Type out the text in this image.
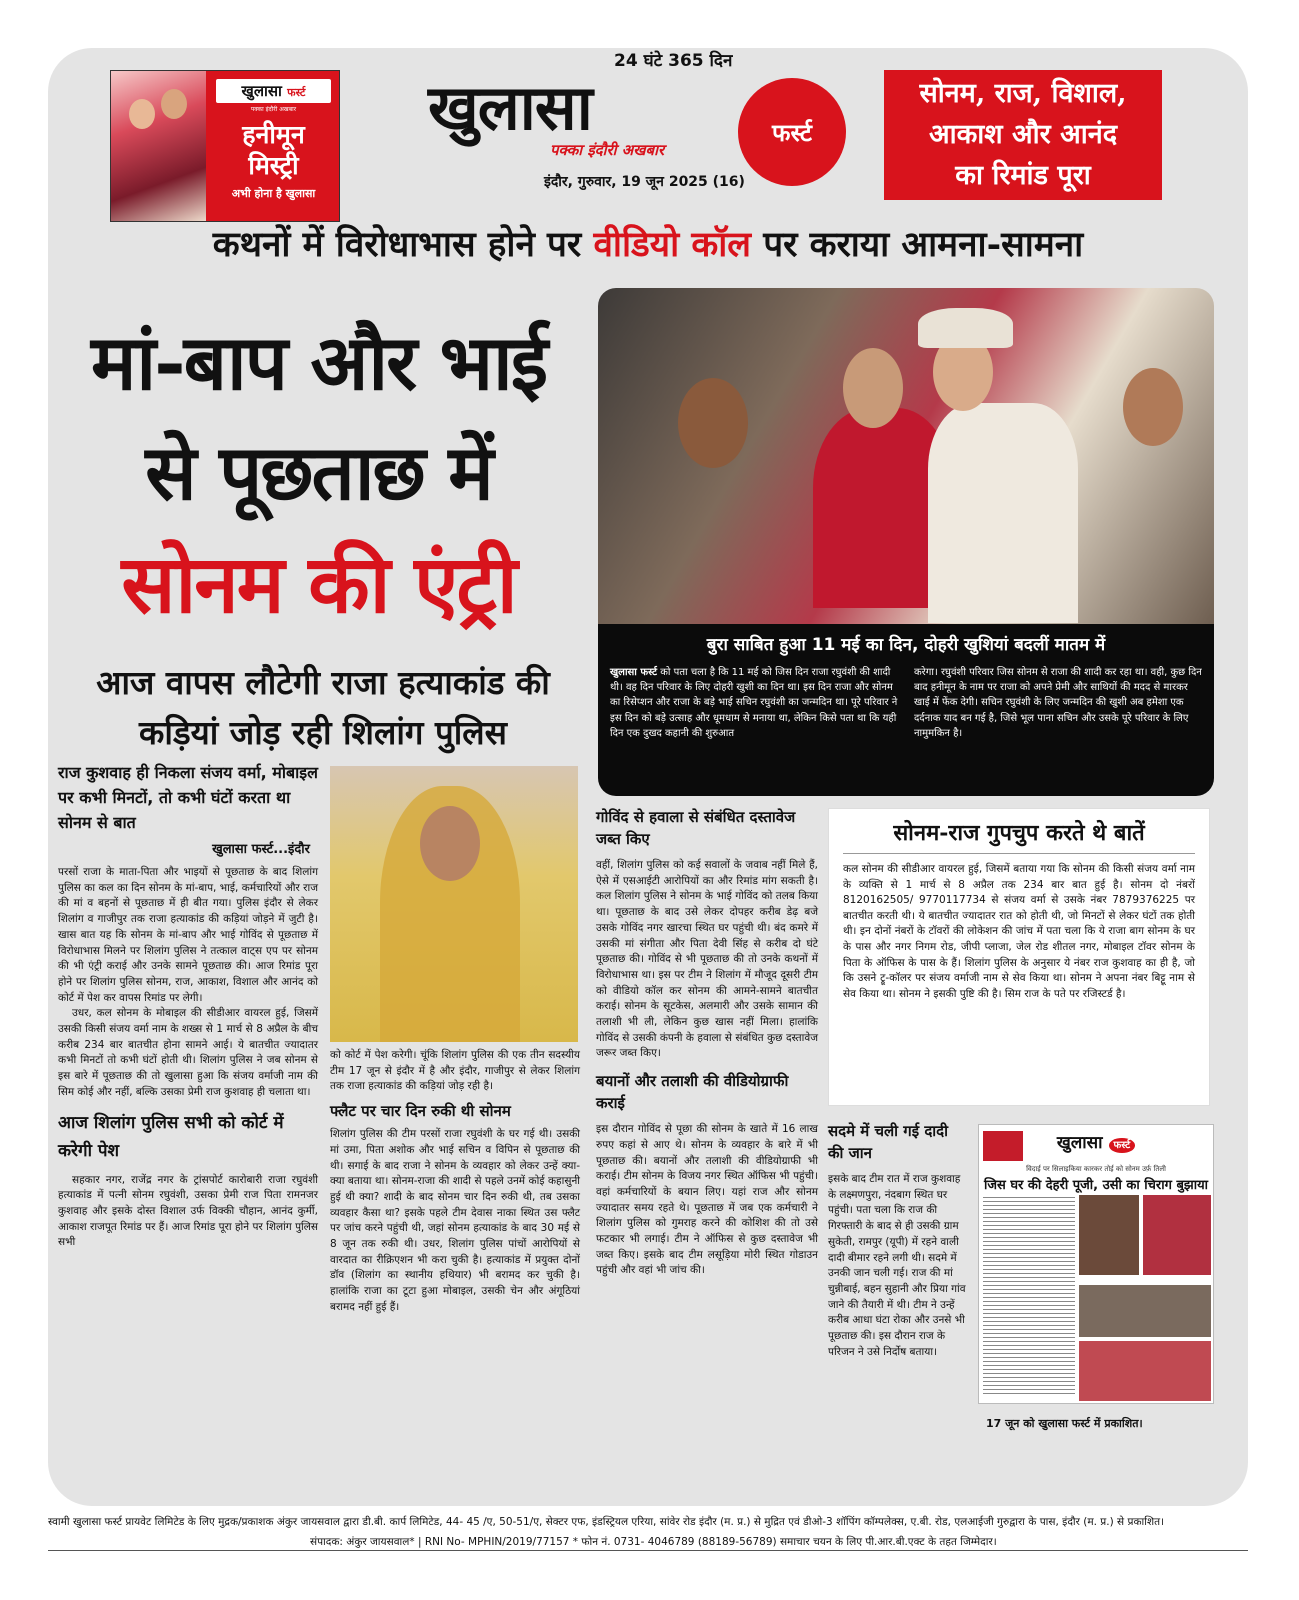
खुलासा फर्स्ट
पक्का इंदौरी अखबार
हनीमून
मिस्ट्री
अभी होना है खुलासा
24 घंटे 365 दिन
खुलासा	फर्स्ट
पक्का इंदौरी अखबार
इंदौर, गुरुवार, 19 जून 2025 (16)
सोनम, राज, विशाल,
आकाश और आनंद
का रिमांड पूरा
कथनों में विरोधाभास होने पर वीडियो कॉल पर कराया आमना-सामना
मां-बाप और भाई
से पूछताछ में
सोनम की एंट्री
आज वापस लौटेगी राजा हत्याकांड की
कड़ियां जोड़ रही शिलांग पुलिस
बुरा साबित हुआ 11 मई का दिन, दोहरी खुशियां बदलीं मातम में

खुलासा फर्स्ट को पता चला है कि 11 मई को जिस दिन राजा रघुवंशी की शादी थी। वह दिन परिवार के लिए दोहरी खुशी का दिन था। इस दिन राजा और सोनम का रिसेप्शन और राजा के बड़े भाई सचिन रघुवंशी का जन्मदिन था। पूरे परिवार ने इस दिन को बड़े उत्साह और धूमधाम से मनाया था, लेकिन किसे पता था कि यही दिन एक दुखद कहानी की शुरुआत

करेगा। रघुवंशी परिवार जिस सोनम से राजा की शादी कर रहा था। वही, कुछ दिन बाद हनीमून के नाम पर राजा को अपने प्रेमी और साथियों की मदद से मारकर खाई में फेंक देगी। सचिन रघुवंशी के लिए जन्मदिन की खुशी अब हमेशा एक दर्दनाक याद बन गई है, जिसे भूल पाना सचिन और उसके पूरे परिवार के लिए नामुमकिन है।

राज कुशवाह ही निकला संजय वर्मा, मोबाइल पर कभी मिनटों, तो कभी घंटों करता था सोनम से बात
खुलासा फर्स्ट...इंदौर

परसों राजा के माता-पिता और भाइयों से पूछताछ के बाद शिलांग पुलिस का कल का दिन सोनम के मां-बाप, भाई, कर्मचारियों और राज की मां व बहनों से पूछताछ में ही बीत गया। पुलिस इंदौर से लेकर शिलांग व गाजीपुर तक राजा हत्याकांड की कड़ियां जोड़ने में जुटी है। खास बात यह कि सोनम के मां-बाप और भाई गोविंद से पूछताछ में विरोधाभास मिलने पर शिलांग पुलिस ने तत्काल वाट्स एप पर सोनम की भी एंट्री कराई और उनके सामने पूछताछ की। आज रिमांड पूरा होने पर शिलांग पुलिस सोनम, राज, आकाश, विशाल और आनंद को कोर्ट में पेश कर वापस रिमांड पर लेगी।

उधर, कल सोनम के मोबाइल की सीडीआर वायरल हुई, जिसमें उसकी किसी संजय वर्मा नाम के शख्स से 1 मार्च से 8 अप्रैल के बीच करीब 234 बार बातचीत होना सामने आई। ये बातचीत ज्यादातर कभी मिनटों तो कभी घंटों होती थी। शिलांग पुलिस ने जब सोनम से इस बारे में पूछताछ की तो खुलासा हुआ कि संजय वर्माजी नाम की सिम कोई और नहीं, बल्कि उसका प्रेमी राज कुशवाह ही चलाता था।

आज शिलांग पुलिस सभी को कोर्ट में करेगी पेश

सहकार नगर, राजेंद्र नगर के ट्रांसपोर्ट कारोबारी राजा रघुवंशी हत्याकांड में पत्नी सोनम रघुवंशी, उसका प्रेमी राज पिता रामनजर कुशवाह और इसके दोस्त विशाल उर्फ विक्की चौहान, आनंद कुर्मी, आकाश राजपूत रिमांड पर हैं। आज रिमांड पूरा होने पर शिलांग पुलिस सभी

को कोर्ट में पेश करेगी। चूंकि शिलांग पुलिस की एक तीन सदस्यीय टीम 17 जून से इंदौर में है और इंदौर, गाजीपुर से लेकर शिलांग तक राजा हत्याकांड की कड़ियां जोड़ रही है।

फ्लैट पर चार दिन रुकी थी सोनम

शिलांग पुलिस की टीम परसों राजा रघुवंशी के घर गई थी। उसकी मां उमा, पिता अशोक और भाई सचिन व विपिन से पूछताछ की थी। सगाई के बाद राजा ने सोनम के व्यवहार को लेकर उन्हें क्या-क्या बताया था। सोनम-राजा की शादी से पहले उनमें कोई कहासुनी हुई थी क्या? शादी के बाद सोनम चार दिन रुकी थी, तब उसका व्यवहार कैसा था? इसके पहले टीम देवास नाका स्थित उस फ्लैट पर जांच करने पहुंची थी, जहां सोनम हत्याकांड के बाद 30 मई से 8 जून तक रुकी थी। उधर, शिलांग पुलिस पांचों आरोपियों से वारदात का रीक्रिएशन भी करा चुकी है। हत्याकांड में प्रयुक्त दोनों डॉव (शिलांग का स्थानीय हथियार) भी बरामद कर चुकी है। हालांकि राजा का टूटा हुआ मोबाइल, उसकी चेन और अंगूठियां बरामद नहीं हुई हैं।

गोविंद से हवाला से संबंधित दस्तावेज जब्त किए

वहीं, शिलांग पुलिस को कई सवालों के जवाब नहीं मिले हैं, ऐसे में एसआईटी आरोपियों का और रिमांड मांग सकती है। कल शिलांग पुलिस ने सोनम के भाई गोविंद को तलब किया था। पूछताछ के बाद उसे लेकर दोपहर करीब डेढ़ बजे उसके गोविंद नगर खारचा स्थित घर पहुंची थी। बंद कमरे में उसकी मां संगीता और पिता देवी सिंह से करीब दो घंटे पूछताछ की। गोविंद से भी पूछताछ की तो उनके कथनों में विरोधाभास था। इस पर टीम ने शिलांग में मौजूद दूसरी टीम को वीडियो कॉल कर सोनम की आमने-सामने बातचीत कराई। सोनम के सूटकेस, अलमारी और उसके सामान की तलाशी भी ली, लेकिन कुछ खास नहीं मिला। हालांकि गोविंद से उसकी कंपनी के हवाला से संबंधित कुछ दस्तावेज जरूर जब्त किए।

बयानों और तलाशी की वीडियोग्राफी कराई

इस दौरान गोविंद से पूछा की सोनम के खाते में 16 लाख रुपए कहां से आए थे। सोनम के व्यवहार के बारे में भी पूछताछ की। बयानों और तलाशी की वीडियोग्राफी भी कराई। टीम सोनम के विजय नगर स्थित ऑफिस भी पहुंची। वहां कर्मचारियों के बयान लिए। यहां राज और सोनम ज्यादातर समय रहते थे। पूछताछ में जब एक कर्मचारी ने शिलांग पुलिस को गुमराह करने की कोशिश की तो उसे फटकार भी लगाई। टीम ने ऑफिस से कुछ दस्तावेज भी जब्त किए। इसके बाद टीम लसूड़िया मोरी स्थित गोडाउन पहुंची और वहां भी जांच की।

सोनम-राज गुपचुप करते थे बातें

कल सोनम की सीडीआर वायरल हुई, जिसमें बताया गया कि सोनम की किसी संजय वर्मा नाम के व्यक्ति से 1 मार्च से 8 अप्रैल तक 234 बार बात हुई है। सोनम दो नंबरों 8120162505/ 9770117734 से संजय वर्मा से उसके नंबर 7879376225 पर बातचीत करती थी। ये बातचीत ज्यादातर रात को होती थी, जो मिनटों से लेकर घंटों तक होती थी। इन दोनों नंबरों के टॉवरों की लोकेशन की जांच में पता चला कि ये राजा बाग सोनम के घर के पास और नगर निगम रोड, जीपी प्लाजा, जेल रोड शीतल नगर, मोबाइल टॉवर सोनम के पिता के ऑफिस के पास के हैं। शिलांग पुलिस के अनुसार ये नंबर राज कुशवाह का ही है, जो कि उसने ट्रू-कॉलर पर संजय वर्माजी नाम से सेव किया था। सोनम ने अपना नंबर बिट्टू नाम से सेव किया था। सोनम ने इसकी पुष्टि की है। सिम राज के पते पर रजिस्टर्ड है।

सदमे में चली गई दादी की जान

इसके बाद टीम रात में राज कुशवाह के लक्ष्मणपुरा, नंदबाग स्थित घर पहुंची। पता चला कि राज की गिरफ्तारी के बाद से ही उसकी ग्राम सुकेती, रामपुर (यूपी) में रहने वाली दादी बीमार रहने लगी थी। सदमे में उनकी जान चली गई। राज की मां चुन्नीबाई, बहन सुहानी और प्रिया गांव जाने की तैयारी में थी। टीम ने उन्हें करीब आधा घंटा रोका और उनसे भी पूछताछ की। इस दौरान राज के परिजन ने उसे निर्दोष बताया।

खुलासा फर्स्ट
विदाई पर सिलाइकिया कारकर तोई को सोनम उर्फ़ तिली
जिस घर की देहरी पूजी, उसी का चिराग बुझाया
17 जून को खुलासा फर्स्ट में प्रकाशित।
स्वामी खुलासा फर्स्ट प्रायवेट लिमिटेड के लिए मुद्रक/प्रकाशक अंकुर जायसवाल द्वारा डी.बी. कार्प लिमिटेड, 44- 45 /ए, 50-51/ए, सेक्टर एफ, इंडस्ट्रियल एरिया, सांवेर रोड इंदौर (म. प्र.) से मुद्रित एवं डीओ-3 शॉपिंग कॉम्पलेक्स, ए.बी. रोड, एलआईजी गुरुद्वारा के पास, इंदौर (म. प्र.) से प्रकाशित।
संपादक: अंकुर जायसवाल* | RNI No- MPHIN/2019/77157 * फोन नं. 0731- 4046789 (88189-56789) समाचार चयन के लिए पी.आर.बी.एक्ट के तहत जिम्मेदार।
